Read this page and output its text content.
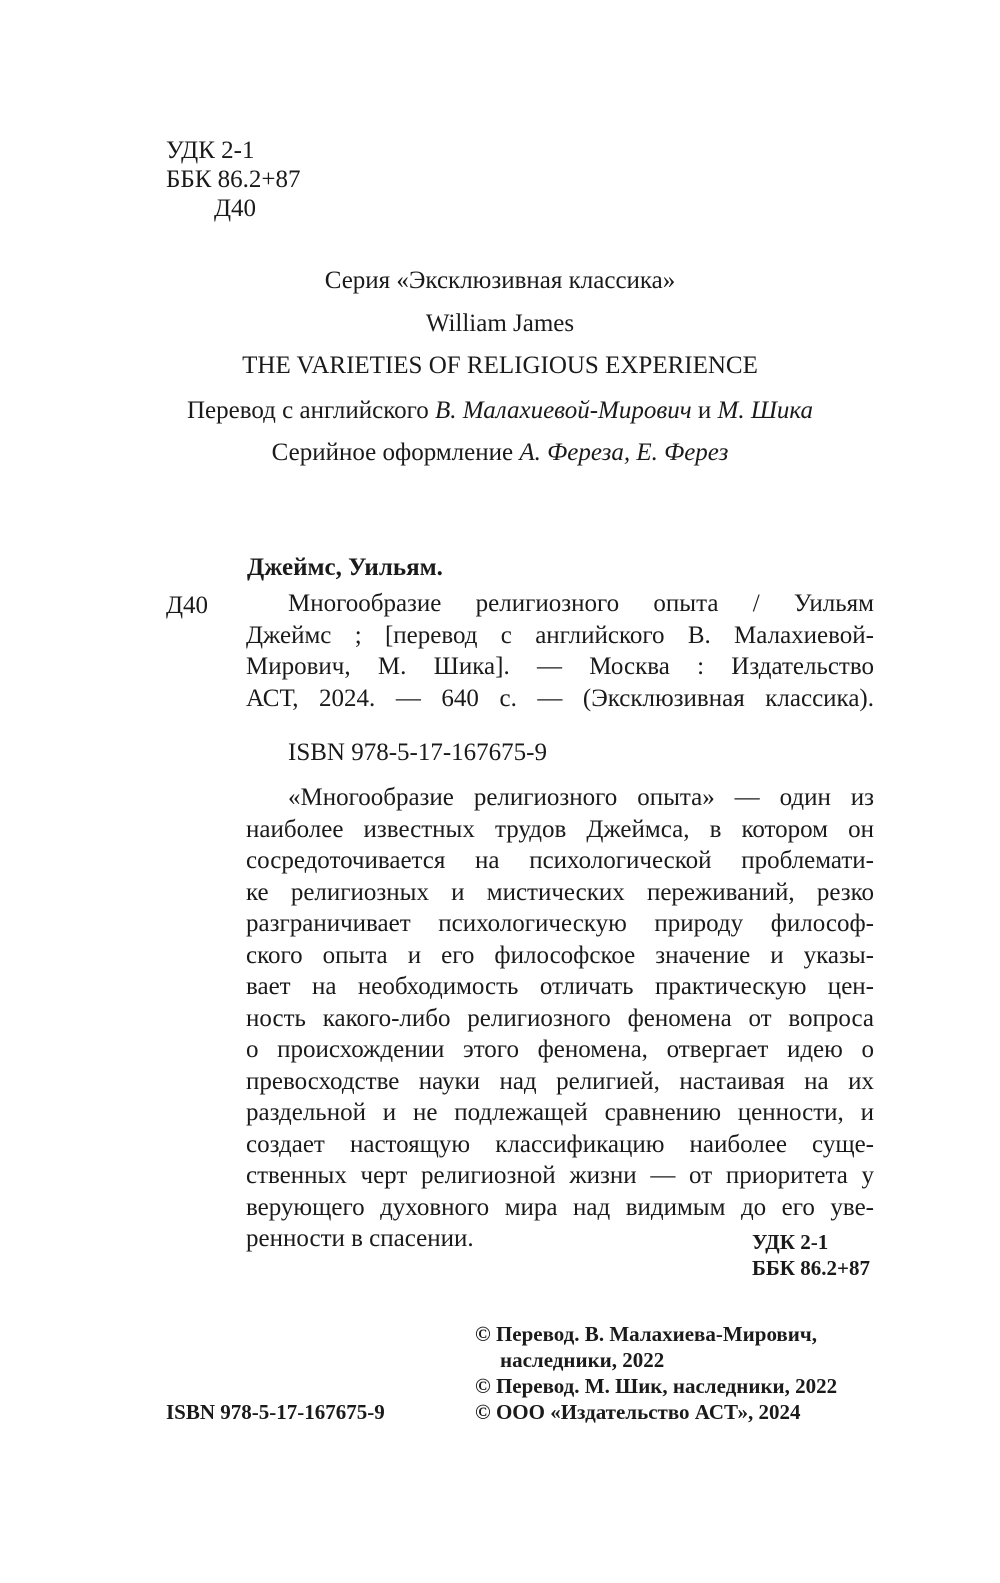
УДК 2-1

ББК 86.2+87

Д40

Серия «Эксклюзивная классика»

William James

THE VARIETIES OF RELIGIOUS EXPERIENCE

Перевод с английского В. Малахиевой-Мирович и М. Шика

Серийное оформление А. Фереза, Е. Ферез

Джеймс, Уильям.

Д40	Многообразие религиозного опыта / Уильям
Джеймс ; [перевод с английского В. Малахиевой-
Мирович, М. Шика]. — Москва : Издательство
АСТ, 2024. — 640 с. — (Эксклюзивная классика).

ISBN 978-5-17-167675-9

«Многообразие религиозного опыта» — один из
наиболее известных трудов Джеймса, в котором он
сосредоточивается на психологической проблемати-
ке религиозных и мистических переживаний, резко
разграничивает психологическую природу философ-
ского опыта и его философское значение и указы-
вает на необходимость отличать практическую цен-
ность какого-либо религиозного феномена от вопроса
о происхождении этого феномена, отвергает идею о
превосходстве науки над религией, настаивая на их
раздельной и не подлежащей сравнению ценности, и
создает настоящую классификацию наиболее суще-
ственных черт религиозной жизни — от приоритета у
верующего духовного мира над видимым до его уве-
ренности в спасении.	УДК 2-1

ББК 86.2+87

© Перевод. В. Малахиева-Мирович,

наследники, 2022

© Перевод. М. Шик, наследники, 2022

© ООО «Издательство АСТ», 2024

ISBN 978-5-17-167675-9
